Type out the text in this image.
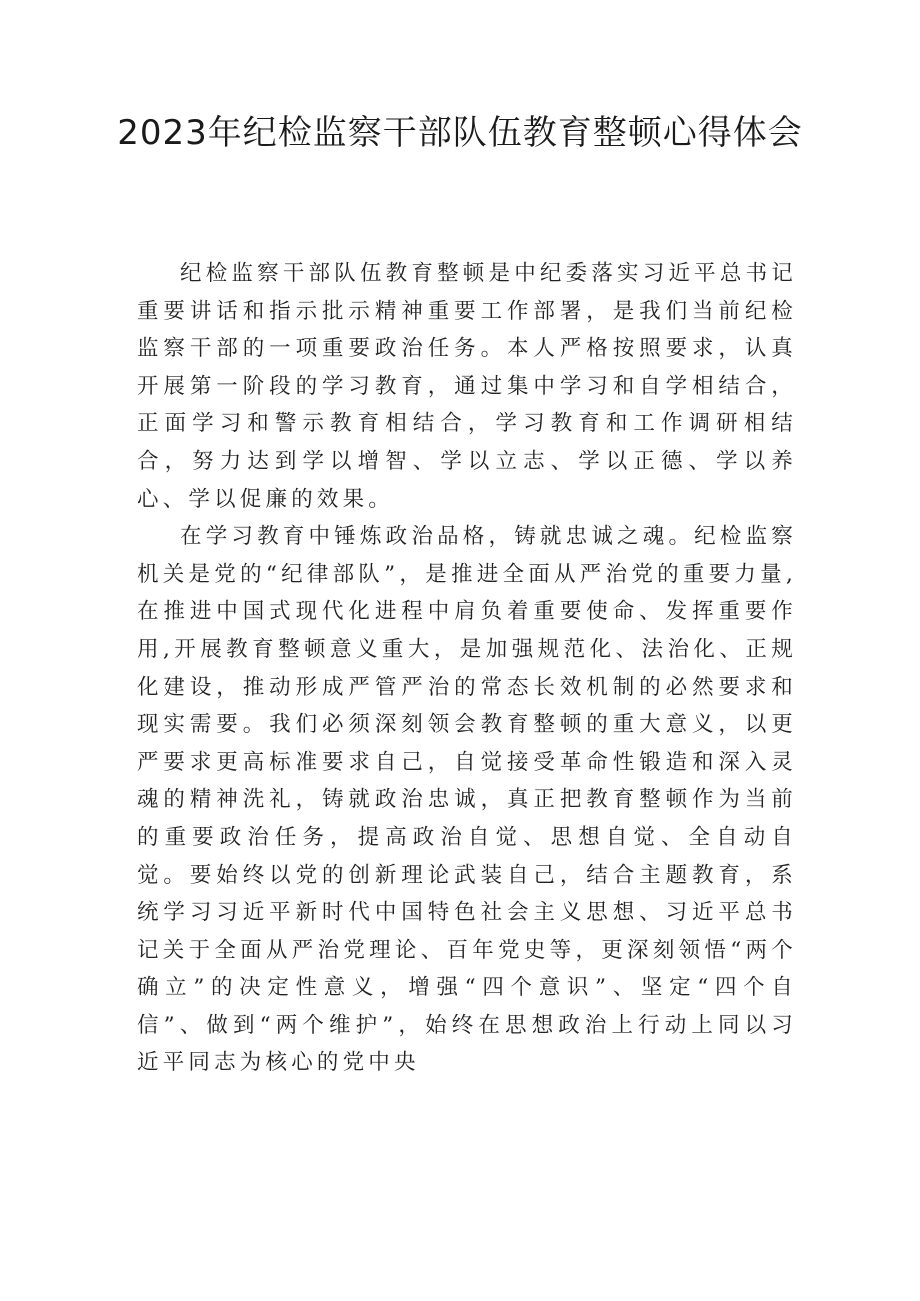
2023年纪检监察干部队伍教育整顿心得体会

纪检监察干部队伍教育整顿是中纪委落实习近平总书记重要讲话和指示批示精神重要工作部署，是我们当前纪检监察干部的一项重要政治任务。本人严格按照要求，认真开展第一阶段的学习教育，通过集中学习和自学相结合，正面学习和警示教育相结合，学习教育和工作调研相结合，努力达到学以增智、学以立志、学以正德、学以养心、学以促廉的效果。

在学习教育中锤炼政治品格，铸就忠诚之魂。纪检监察机关是党的“纪律部队”，是推进全面从严治党的重要力量,在推进中国式现代化进程中肩负着重要使命、发挥重要作用,开展教育整顿意义重大，是加强规范化、法治化、正规化建设，推动形成严管严治的常态长效机制的必然要求和现实需要。我们必须深刻领会教育整顿的重大意义，以更严要求更高标准要求自己，自觉接受革命性锻造和深入灵魂的精神洗礼，铸就政治忠诚，真正把教育整顿作为当前的重要政治任务，提高政治自觉、思想自觉、全自动自觉。要始终以党的创新理论武装自己，结合主题教育，系统学习习近平新时代中国特色社会主义思想、习近平总书记关于全面从严治党理论、百年党史等，更深刻领悟“两个确立”的决定性意义，增强“四个意识”、坚定“四个自信”、做到“两个维护”，始终在思想政治上行动上同以习近平同志为核心的党中央
